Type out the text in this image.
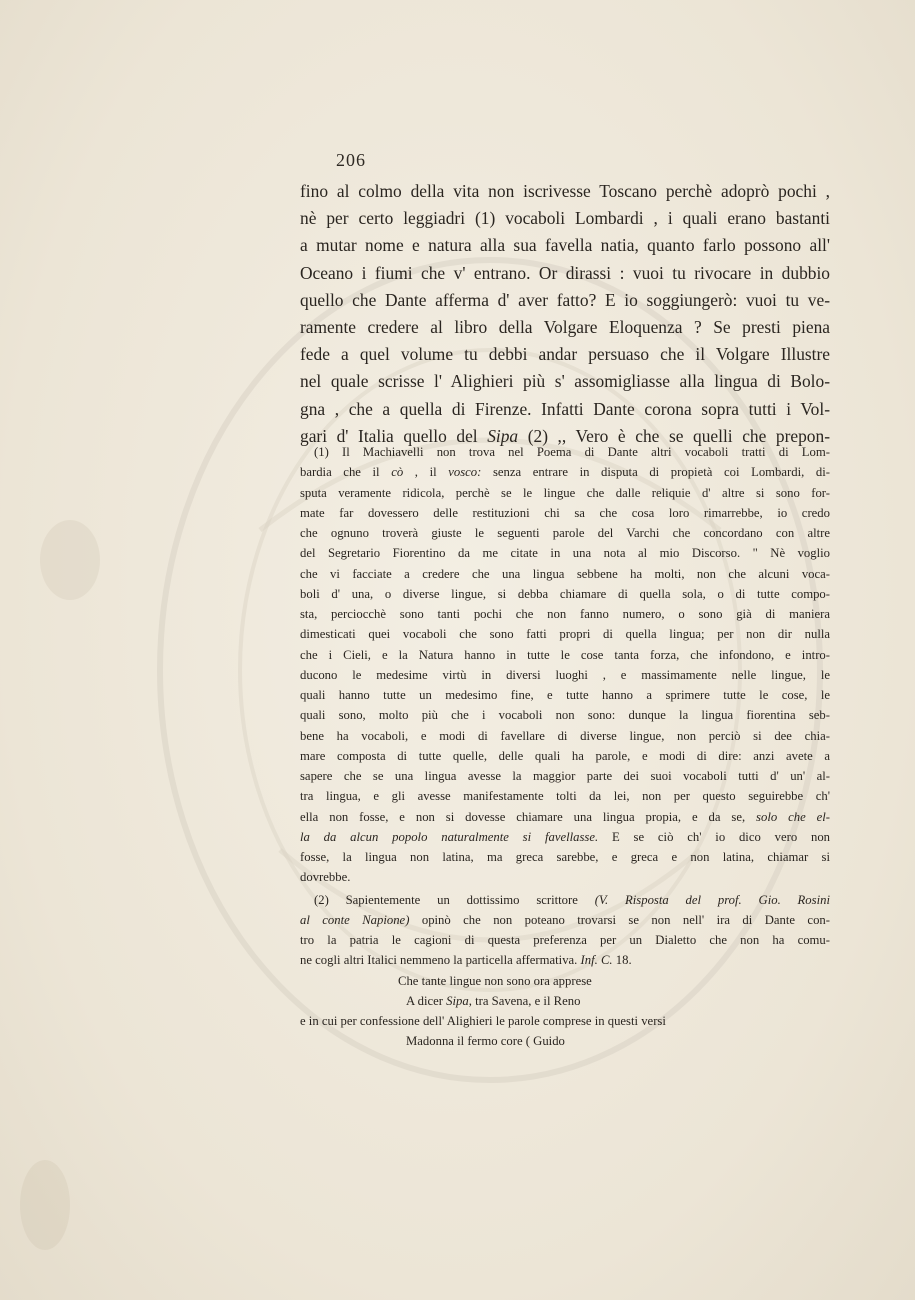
206
fino al colmo della vita non iscrivesse Toscano perchè adoprò pochi ,
nè per certo leggiadri (1) vocaboli Lombardi , i quali erano bastanti
a mutar nome e natura alla sua favella natia, quanto farlo possono all'
Oceano i fiumi che v' entrano. Or dirassi : vuoi tu rivocare in dubbio
quello che Dante afferma d' aver fatto? E io soggiungerò: vuoi tu ve-
ramente credere al libro della Volgare Eloquenza ? Se presti piena
fede a quel volume tu debbi andar persuaso che il Volgare Illustre
nel quale scrisse l' Alighieri più s' assomigliasse alla lingua di Bolo-
gna , che a quella di Firenze. Infatti Dante corona sopra tutti i Vol-
gari d' Italia quello del Sipa (2) ,, Vero è che se quelli che prepon-
(1) Il Machiavelli non trova nel Poema di Dante altri vocaboli tratti di Lom-
bardia che il cò , il vosco: senza entrare in disputa di propietà coi Lombardi, di-
sputa veramente ridicola, perchè se le lingue che dalle reliquie d' altre si sono for-
mate far dovessero delle restituzioni chi sa che cosa loro rimarrebbe, io credo
che ognuno troverà giuste le seguenti parole del Varchi che concordano con altre
del Segretario Fiorentino da me citate in una nota al mio Discorso. " Nè voglio
che vi facciate a credere che una lingua sebbene ha molti, non che alcuni voca-
boli d' una, o diverse lingue, si debba chiamare di quella sola, o di tutte compo-
sta, perciocchè sono tanti pochi che non fanno numero, o sono già di maniera
dimesticati quei vocaboli che sono fatti propri di quella lingua; per non dir nulla
che i Cieli, e la Natura hanno in tutte le cose tanta forza, che infondono, e intro-
ducono le medesime virtù in diversi luoghi , e massimamente nelle lingue, le
quali hanno tutte un medesimo fine, e tutte hanno a sprimere tutte le cose, le
quali sono, molto più che i vocaboli non sono: dunque la lingua fiorentina seb-
bene ha vocaboli, e modi di favellare di diverse lingue, non perciò si dee chia-
mare composta di tutte quelle, delle quali ha parole, e modi di dire: anzi avete a
sapere che se una lingua avesse la maggior parte dei suoi vocaboli tutti d' un' al-
tra lingua, e gli avesse manifestamente tolti da lei, non per questo seguirebbe ch'
ella non fosse, e non si dovesse chiamare una lingua propia, e da se, solo che el-
la da alcun popolo naturalmente si favellasse. E se ciò ch' io dico vero non
fosse, la lingua non latina, ma greca sarebbe, e greca e non latina, chiamar si
dovrebbe.
(2) Sapientemente un dottissimo scrittore (V. Risposta del prof. Gio. Rosini
al conte Napione) opinò che non poteano trovarsi se non nell' ira di Dante con-
tro la patria le cagioni di questa preferenza per un Dialetto che non ha comu-
ne cogli altri Italici nemmeno la particella affermativa. Inf. C. 18.
Che tante lingue non sono ora apprese
A dicer Sipa, tra Savena, e il Reno
e in cui per confessione dell' Alighieri le parole comprese in questi versi
Madonna il fermo core ( Guido
